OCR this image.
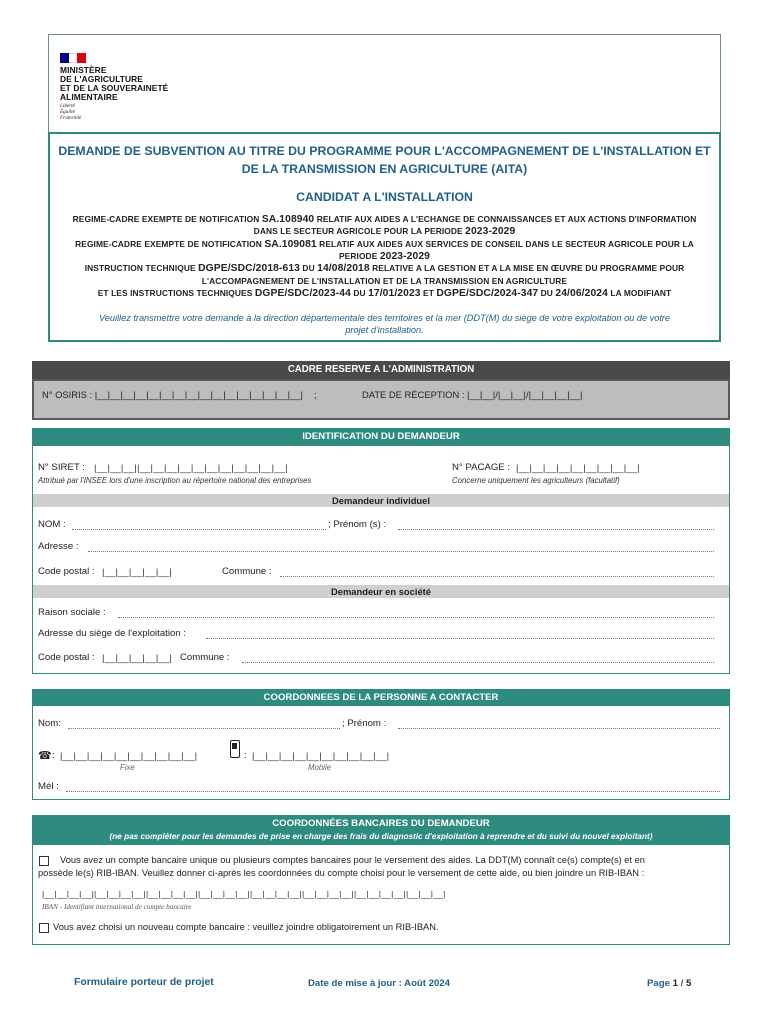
MINISTÈRE
DE L'AGRICULTURE
ET DE LA SOUVERAINETÉ
ALIMENTAIRE
Liberté
Égalité
Fraternité
DEMANDE DE SUBVENTION AU TITRE DU PROGRAMME POUR L'ACCOMPAGNEMENT DE L'INSTALLATION ET
DE LA TRANSMISSION EN AGRICULTURE (AITA)
CANDIDAT A L'INSTALLATION
REGIME-CADRE EXEMPTE DE NOTIFICATION SA.108940 RELATIF AUX AIDES A L'ECHANGE DE CONNAISSANCES ET AUX ACTIONS D'INFORMATION
DANS LE SECTEUR AGRICOLE POUR LA PERIODE 2023-2029
REGIME-CADRE EXEMPTE DE NOTIFICATION SA.109081 RELATIF AUX AIDES AUX SERVICES DE CONSEIL DANS LE SECTEUR AGRICOLE POUR LA
PERIODE 2023-2029
INSTRUCTION TECHNIQUE DGPE/SDC/2018-613 DU 14/08/2018 RELATIVE A LA GESTION ET A LA MISE EN ŒUVRE DU PROGRAMME POUR
L'ACCOMPAGNEMENT DE L'INSTALLATION ET DE LA TRANSMISSION EN AGRICULTURE
ET LES INSTRUCTIONS TECHNIQUES DGPE/SDC/2023-44 DU 17/01/2023 ET DGPE/SDC/2024-347 DU 24/06/2024 LA MODIFIANT
Veuillez transmettre votre demande à la direction départementale des territoires et la mer (DDT(M) du siège de votre exploitation ou de votre
projet d'installation.
CADRE RESERVE A L'ADMINISTRATION
N° OSIRIS : |__|__|__|__|__|__|__|__|__|__|__|__|__|__|__|__| ;	DATE DE RÉCEPTION : |__|__|/|__|__|/|__|__|__|__|
IDENTIFICATION DU DEMANDEUR
N° SIRET : |__|__|__||__|__|__|__|__|__|__|__|__|__|__|
Attribué par l'INSEE lors d'une inscription au répertoire national des entreprises
N° PACAGE : |__|__|__|__|__|__|__|__|__|
Concerne uniquement les agriculteurs (facultatif)
Demandeur individuel
NOM :	; Prénom (s) :
Adresse :
Code postal : |__|__|__|__|__|	Commune :
Demandeur en société
Raison sociale :
Adresse du siège de l'exploitation :
Code postal : |__|__|__|__|__| Commune :
COORDONNEES DE LA PERSONNE A CONTACTER
Nom:	; Prénom :
☎ : |__|__|__|__|__|__|__|__|__|__|
Fixe
: |__|__|__|__|__|__|__|__|__|__|
Mobile
Mél :
COORDONNÉES BANCAIRES DU DEMANDEUR
(ne pas compléter pour les demandes de prise en charge des frais du diagnostic d'exploitation à reprendre et du suivi du nouvel exploitant)
Vous avez un compte bancaire unique ou plusieurs comptes bancaires pour le versement des aides. La DDT(M) connaît ce(s) compte(s) et en
possède le(s) RIB-IBAN. Veuillez donner ci-après les coordonnées du compte choisi pour le versement de cette aide, ou bien joindre un RIB-IBAN :
|__|__|__|__||__|__|__|__||__|__|__|__||__|__|__|__||__|__|__|__||__|__|__|__||__|__|__|__||__|__|__|
IBAN - Identifiant international de compte bancaire
Vous avez choisi un nouveau compte bancaire : veuillez joindre obligatoirement un RIB-IBAN.
Formulaire porteur de projet	Date de mise à jour : Août 2024	Page 1 / 5
